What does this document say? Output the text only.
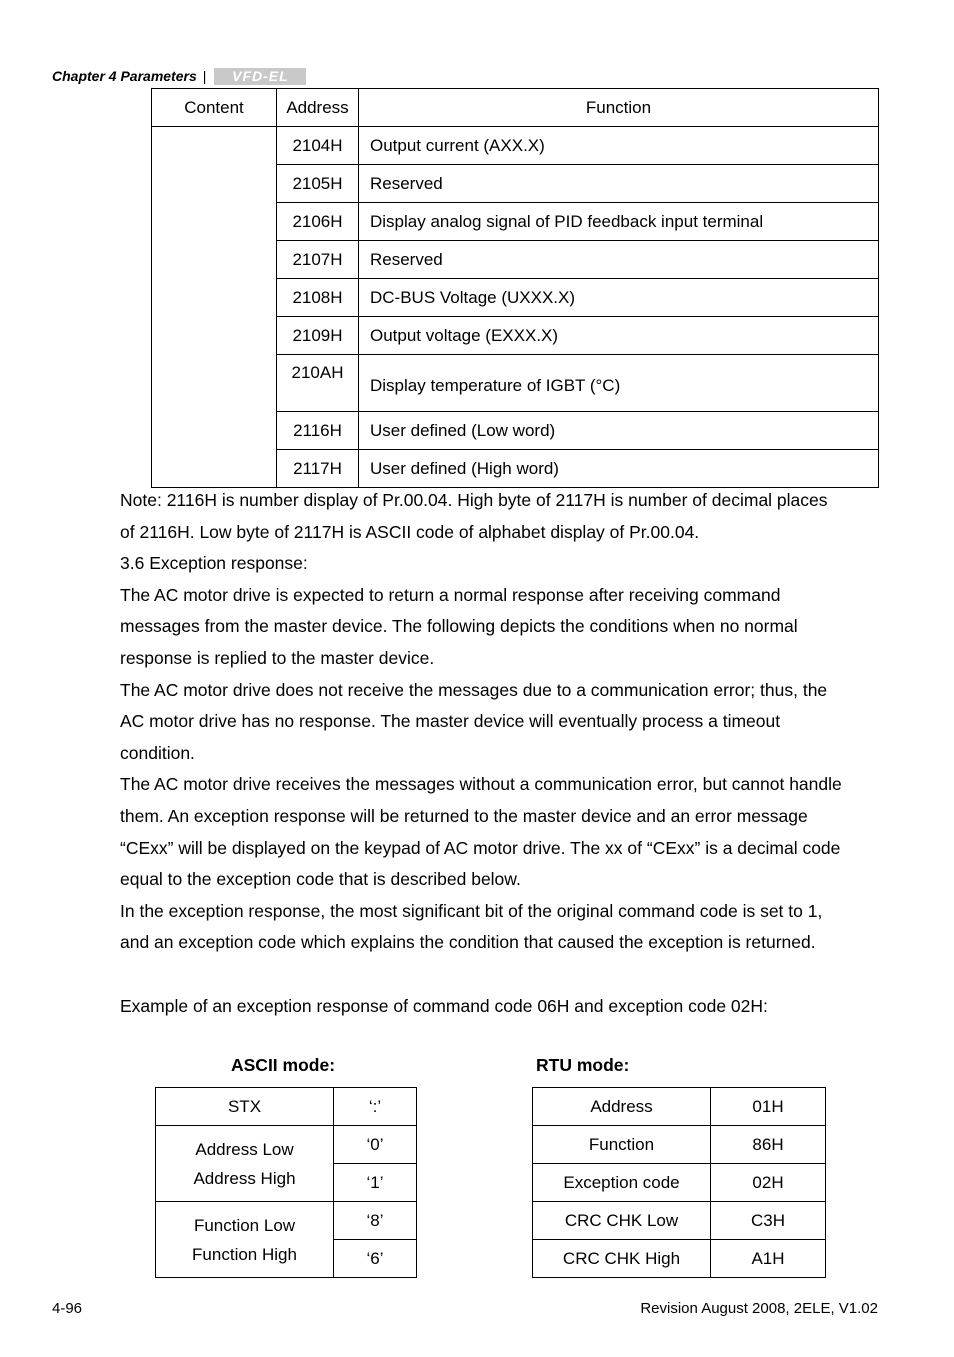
Chapter 4 Parameters |	VFD-EL
Content	Address	Function
	2104H	Output current (AXX.X)
	2105H	Reserved
	2106H	Display analog signal of PID feedback input terminal
	2107H	Reserved
	2108H	DC-BUS Voltage (UXXX.X)
	2109H	Output voltage (EXXX.X)
	210AH	Display temperature of IGBT (°C)
	2116H	User defined (Low word)
	2117H	User defined (High word)

Note: 2116H is number display of Pr.00.04. High byte of 2117H is number of decimal places

of 2116H. Low byte of 2117H is ASCII code of alphabet display of Pr.00.04.

3.6 Exception response:

The AC motor drive is expected to return a normal response after receiving command

messages from the master device. The following depicts the conditions when no normal

response is replied to the master device.

The AC motor drive does not receive the messages due to a communication error; thus, the

AC motor drive has no response. The master device will eventually process a timeout

condition.

The AC motor drive receives the messages without a communication error, but cannot handle

them. An exception response will be returned to the master device and an error message

“CExx” will be displayed on the keypad of AC motor drive. The xx of “CExx” is a decimal code

equal to the exception code that is described below.

In the exception response, the most significant bit of the original command code is set to 1,

and an exception code which explains the condition that caused the exception is returned.

Example of an exception response of command code 06H and exception code 02H:

ASCII mode:	RTU mode:
STX	‘:’

Address Low
Address High	‘0’
	‘1’

Function Low
Function High	‘8’
	‘6’
Address	01H
Function	86H
Exception code	02H
CRC CHK Low	C3H
CRC CHK High	A1H
4-96	Revision August 2008, 2ELE, V1.02
